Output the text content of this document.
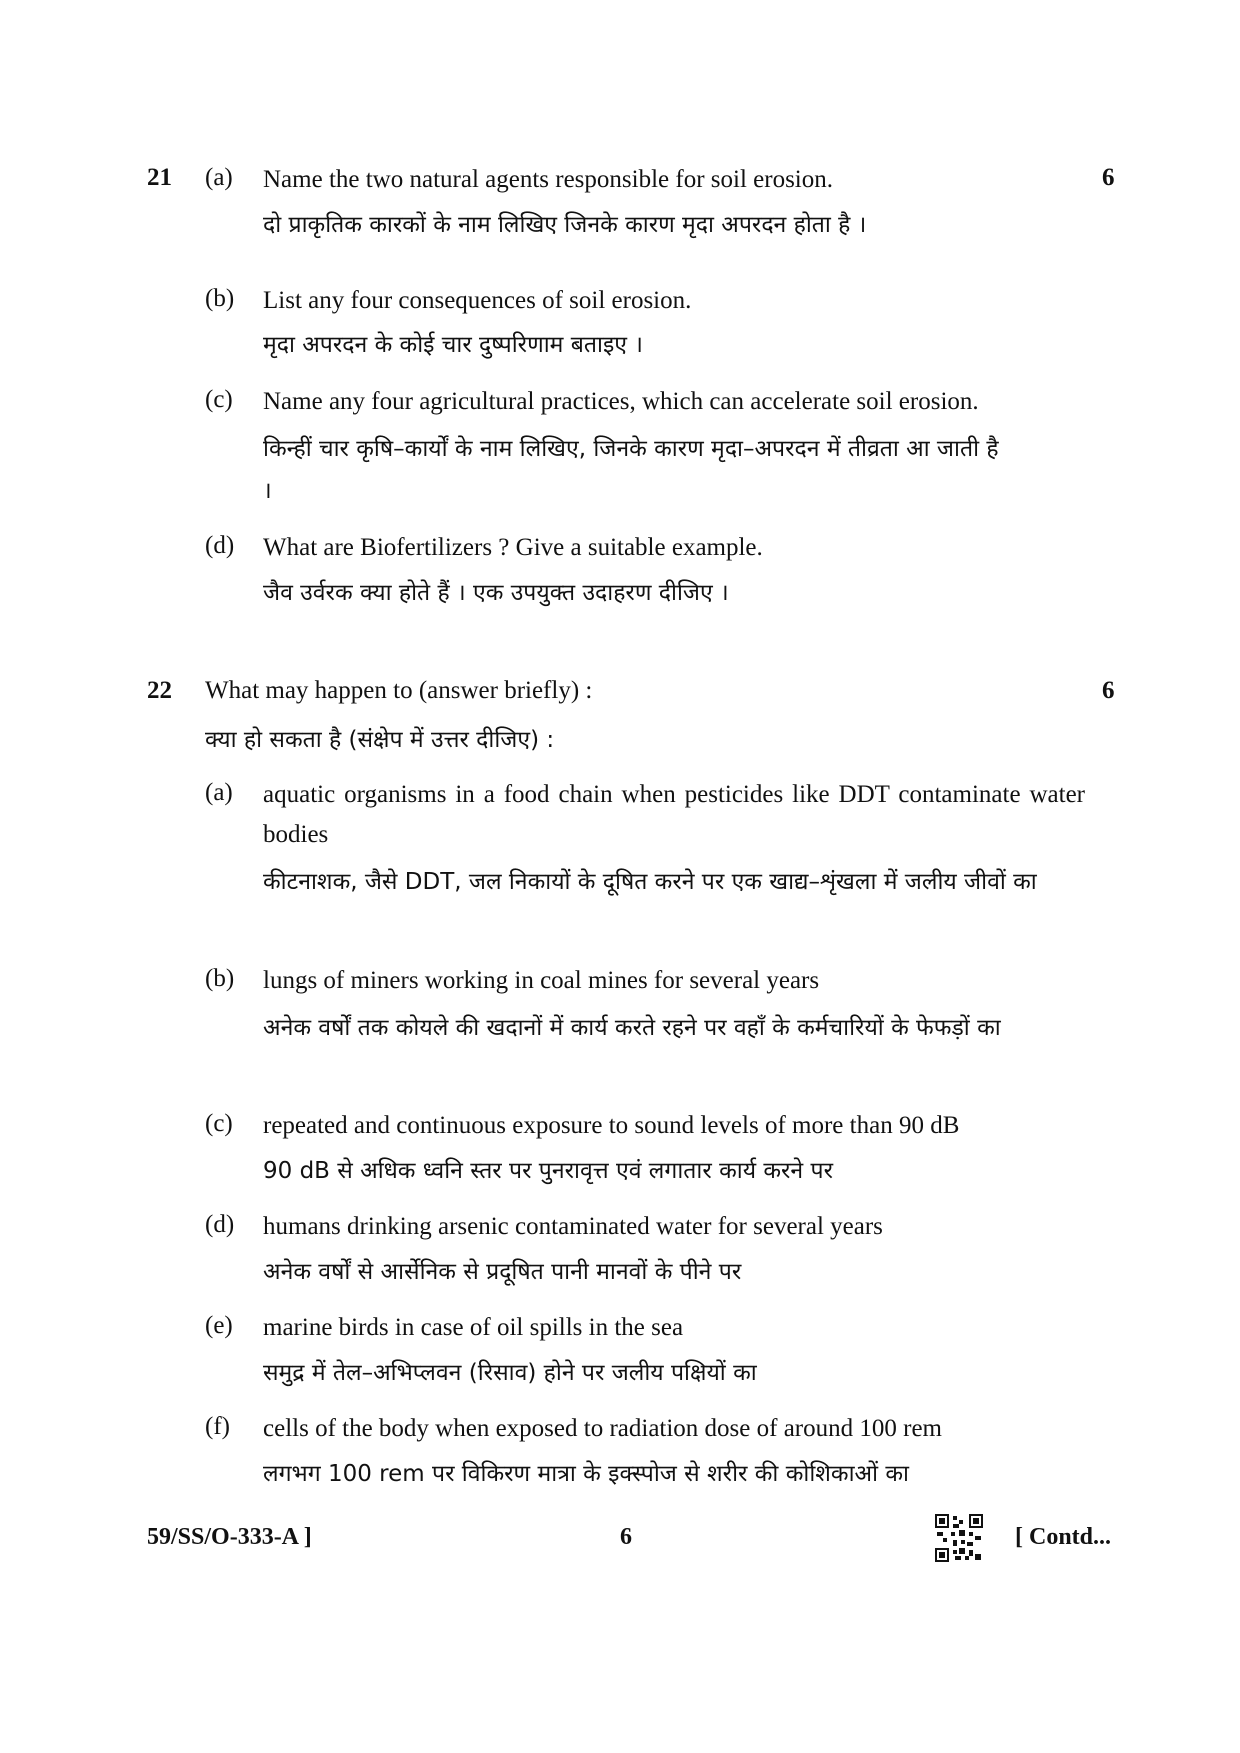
21	6
(a) Name the two natural agents responsible for soil erosion.
दो प्राकृतिक कारकों के नाम लिखिए जिनके कारण मृदा अपरदन होता है ।
(b) List any four consequences of soil erosion.
मृदा अपरदन के कोई चार दुष्परिणाम बताइए ।
(c) Name any four agricultural practices, which can accelerate soil erosion.
किन्हीं चार कृषि–कार्यों के नाम लिखिए, जिनके कारण मृदा–अपरदन में तीव्रता आ जाती है ।
(d) What are Biofertilizers ? Give a suitable example.
जैव उर्वरक क्या होते हैं । एक उपयुक्त उदाहरण दीजिए ।
22	6
What may happen to (answer briefly) :
क्या हो सकता है (संक्षेप में उत्तर दीजिए) :
(a) aquatic organisms in a food chain when pesticides like DDT contaminate water bodies
कीटनाशक, जैसे DDT, जल निकायों के दूषित करने पर एक खाद्य–शृंखला में जलीय जीवों का
(b) lungs of miners working in coal mines for several years
अनेक वर्षों तक कोयले की खदानों में कार्य करते रहने पर वहाँ के कर्मचारियों के फेफड़ों का
(c) repeated and continuous exposure to sound levels of more than 90 dB
90 dB से अधिक ध्वनि स्तर पर पुनरावृत्त एवं लगातार कार्य करने पर
(d) humans drinking arsenic contaminated water for several years
अनेक वर्षों से आर्सेनिक से प्रदूषित पानी मानवों के पीने पर
(e) marine birds in case of oil spills in the sea
समुद्र में तेल–अभिप्लवन (रिसाव) होने पर जलीय पक्षियों का
(f) cells of the body when exposed to radiation dose of around 100 rem
लगभग 100 rem पर विकिरण मात्रा के इक्स्पोज से शरीर की कोशिकाओं का
59/SS/O-333-A ]	6	[ Contd...
